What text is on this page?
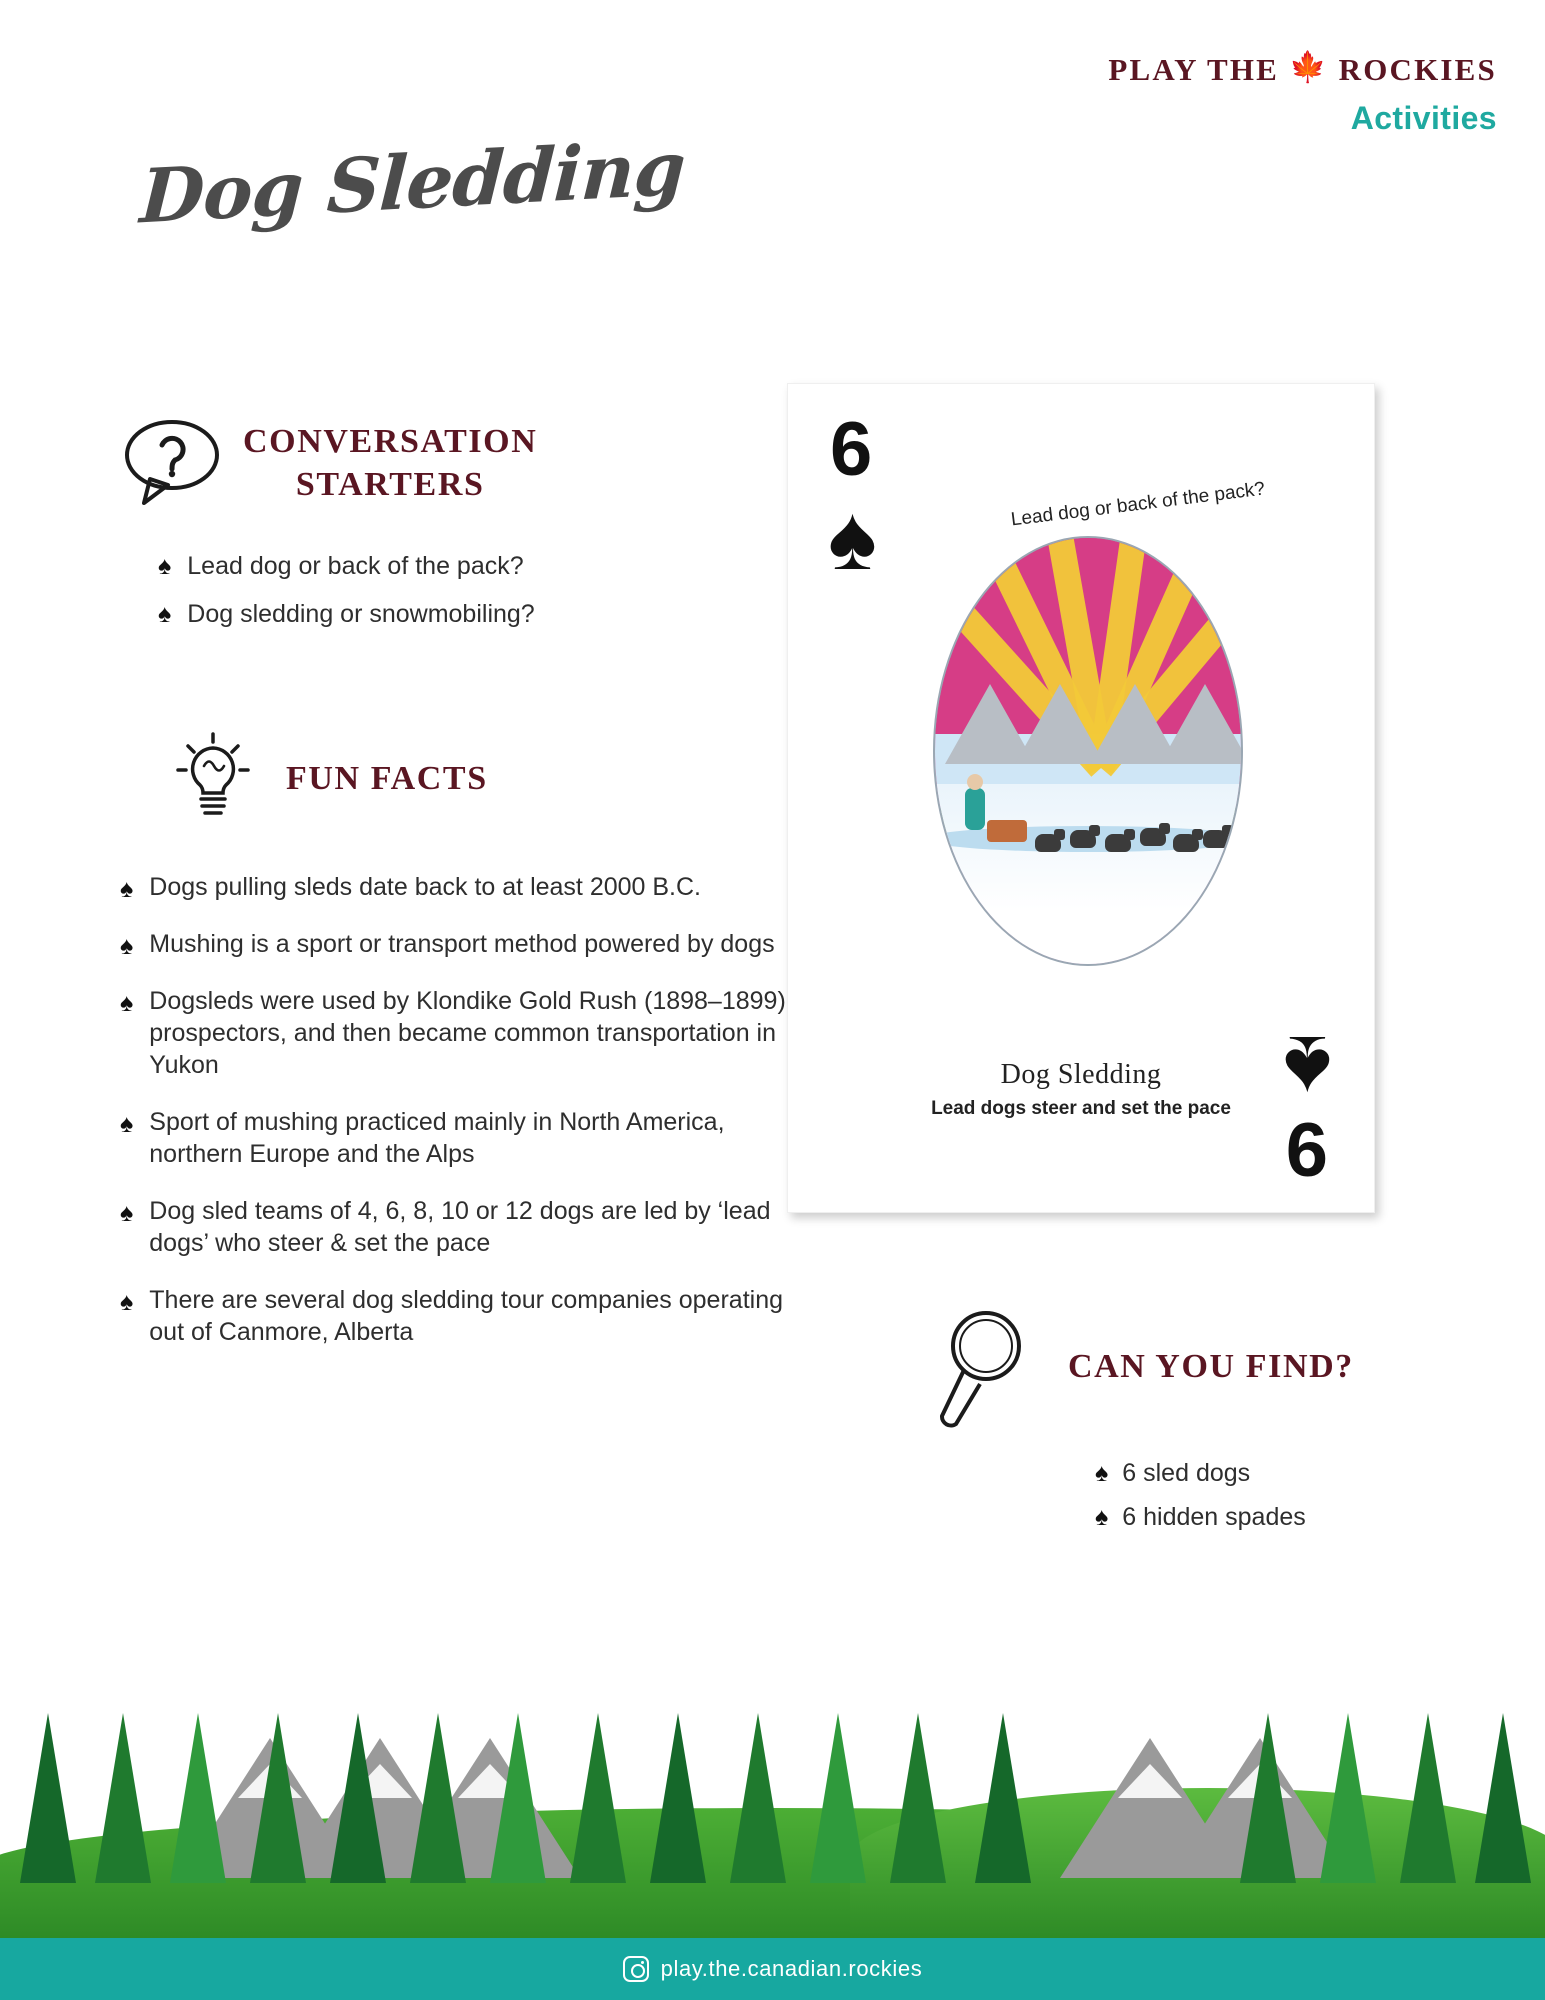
PLAY THE 🍁 ROCKIES
Activities
Dog Sledding
CONVERSATION
STARTERS
♠ Lead dog or back of the pack?
♠ Dog sledding or snowmobiling?
FUN FACTS
♠ Dogs pulling sleds date back to at least 2000 B.C.
♠ Mushing is a sport or transport method powered by dogs
♠ Dogsleds were used by Klondike Gold Rush (1898–1899) prospectors, and then became common transportation in Yukon
♠ Sport of mushing practiced mainly in North America, northern Europe and the Alps
♠ Dog sled teams of 4, 6, 8, 10 or 12 dogs are led by ‘lead dogs’ who steer & set the pace
♠ There are several dog sledding tour companies operating out of Canmore, Alberta
6
♠	Lead dog or back of the pack?
≈
Dog Sledding
Lead dogs steer and set the pace ♠
6
CAN YOU FIND?
♠ 6 sled dogs
♠ 6 hidden spades
play.the.canadian.rockies
